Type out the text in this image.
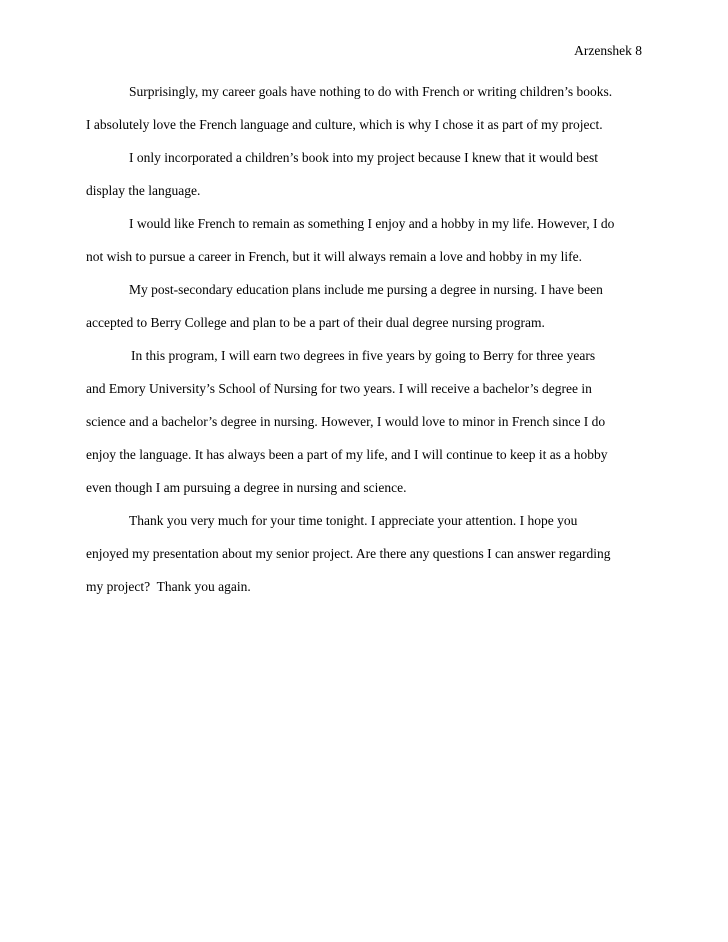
Arzenshek 8
Surprisingly, my career goals have nothing to do with French or writing children’s books.
I absolutely love the French language and culture, which is why I chose it as part of my project.
I only incorporated a children’s book into my project because I knew that it would best
display the language.
I would like French to remain as something I enjoy and a hobby in my life. However, I do
not wish to pursue a career in French, but it will always remain a love and hobby in my life.
My post-secondary education plans include me pursing a degree in nursing. I have been
accepted to Berry College and plan to be a part of their dual degree nursing program.
In this program, I will earn two degrees in five years by going to Berry for three years
and Emory University’s School of Nursing for two years. I will receive a bachelor’s degree in
science and a bachelor’s degree in nursing. However, I would love to minor in French since I do
enjoy the language. It has always been a part of my life, and I will continue to keep it as a hobby
even though I am pursuing a degree in nursing and science.
Thank you very much for your time tonight. I appreciate your attention. I hope you
enjoyed my presentation about my senior project. Are there any questions I can answer regarding
my project?  Thank you again.
